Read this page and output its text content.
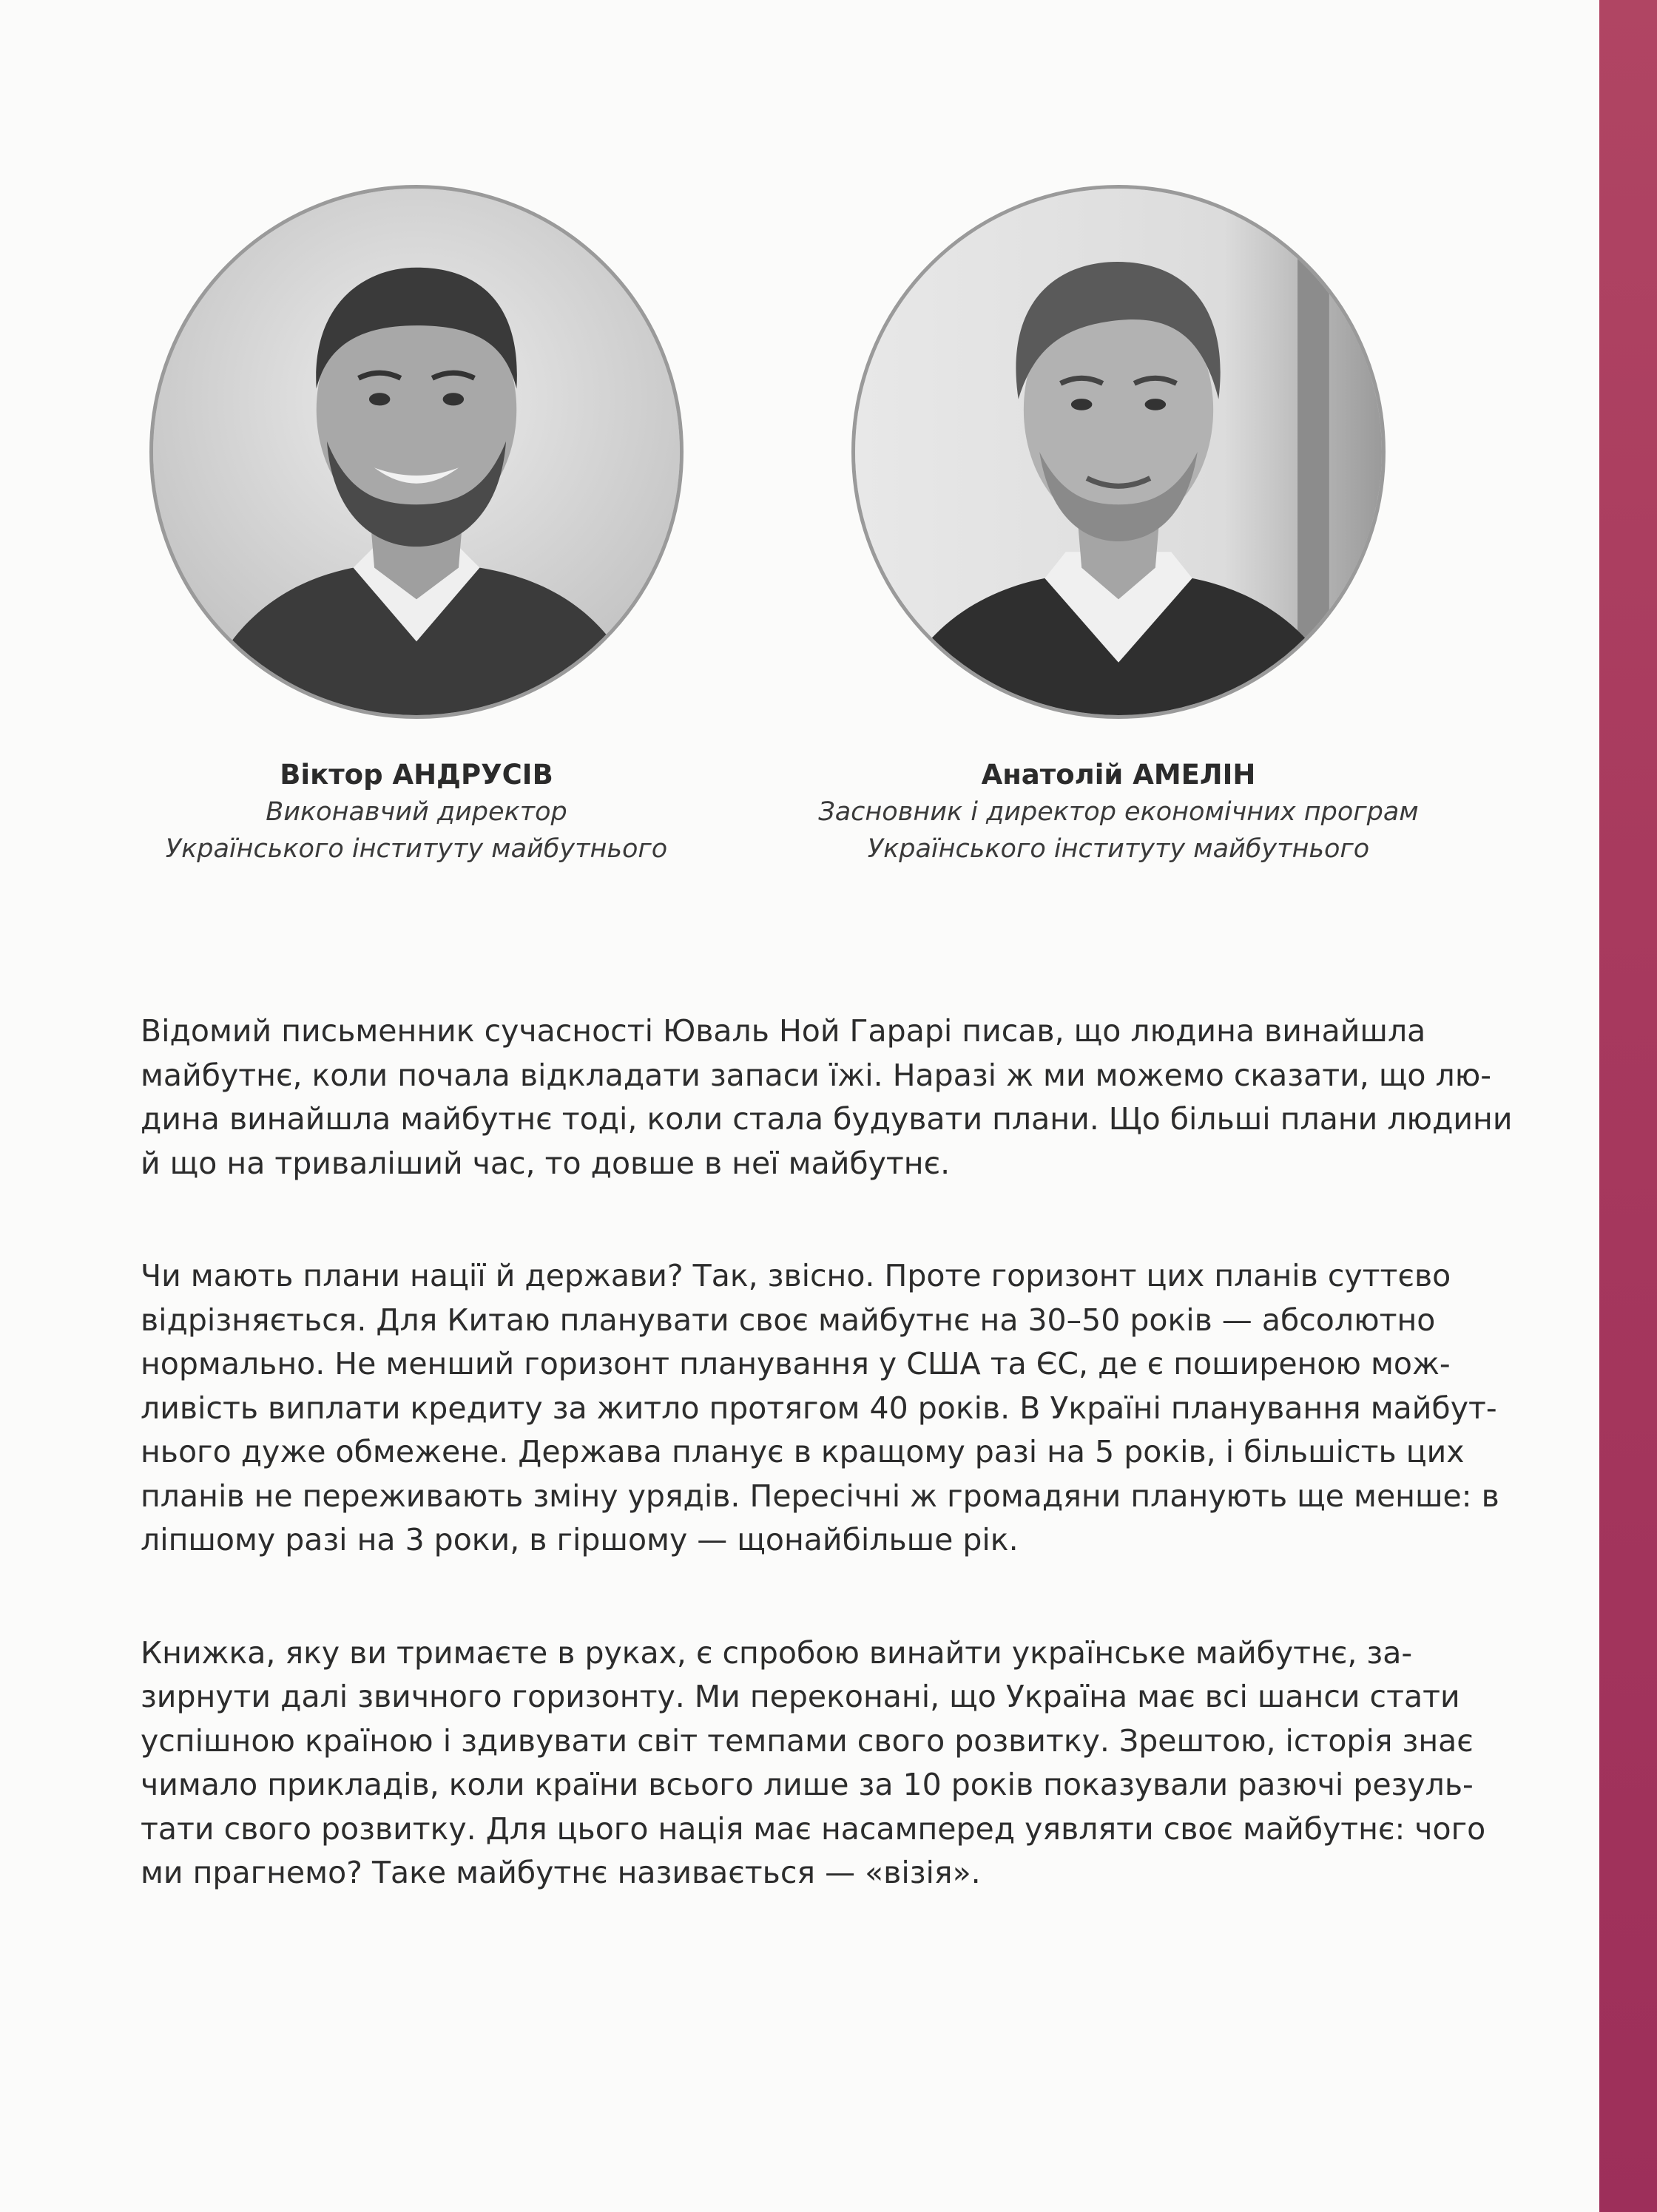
Віктор АНДРУСІВ
Виконавчий директор
Українського інституту майбутнього
Анатолій АМЕЛІН
Засновник і директор економічних програм
Українського інституту майбутнього
Відомий письменник сучасності Юваль Ной Гарарі писав, що людина винайшла
майбутнє, коли почала відкладати запаси їжі. Наразі ж ми можемо сказати, що лю-
дина винайшла майбутнє тоді, коли стала будувати плани. Що більші плани людини
й що на триваліший час, то довше в неї майбутнє.
Чи мають плани нації й держави? Так, звісно. Проте горизонт цих планів суттєво
відрізняється. Для Китаю планувати своє майбутнє на 30–50 років — абсолютно
нормально. Не менший горизонт планування у США та ЄС, де є поширеною мож-
ливість виплати кредиту за житло протягом 40 років. В Україні планування майбут-
нього дуже обмежене. Держава планує в кращому разі на 5 років, і більшість цих
планів не переживають зміну урядів. Пересічні ж громадяни планують ще менше: в
ліпшому разі на 3 роки, в гіршому — щонайбільше рік.
Книжка, яку ви тримаєте в руках, є спробою винайти українське майбутнє, за-
зирнути далі звичного горизонту. Ми переконані, що Україна має всі шанси стати
успішною країною і здивувати світ темпами свого розвитку. Зрештою, історія знає
чимало прикладів, коли країни всього лише за 10 років показували разючі резуль-
тати свого розвитку. Для цього нація має насамперед уявляти своє майбутнє: чого
ми прагнемо? Таке майбутнє називається — «візія».
